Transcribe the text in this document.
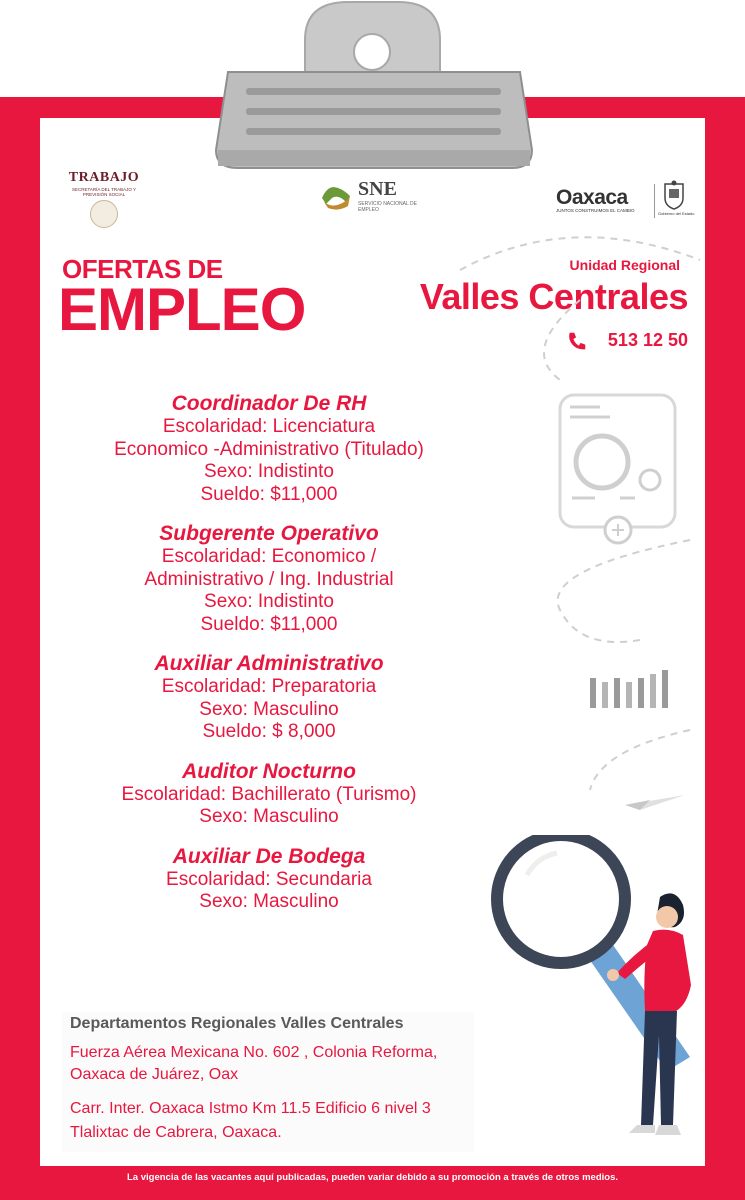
TRABAJO
SECRETARÍA DEL TRABAJO Y PREVISIÓN SOCIAL	SNE
SERVICIO NACIONAL DE EMPLEO
Oaxaca
JUNTOS CONSTRUIMOS EL CAMBIO
Gobierno del Estado
OFERTAS DE
EMPLEO
Unidad Regional
Valles Centrales
513 12 50
Coordinador De RH
Escolaridad: Licenciatura
Economico -Administrativo (Titulado)
Sexo: Indistinto
Sueldo: $11,000
Subgerente Operativo
Escolaridad: Economico /
Administrativo / Ing. Industrial
Sexo: Indistinto
Sueldo: $11,000
Auxiliar Administrativo
Escolaridad: Preparatoria
Sexo: Masculino
Sueldo: $ 8,000
Auditor Nocturno
Escolaridad: Bachillerato (Turismo)
Sexo: Masculino
Auxiliar De Bodega
Escolaridad: Secundaria
Sexo: Masculino
Departamentos Regionales Valles Centrales
Fuerza Aérea Mexicana No. 602 , Colonia Reforma,
Oaxaca de Juárez, Oax
Carr. Inter. Oaxaca Istmo Km 11.5 Edificio 6 nivel 3
Tlalixtac de Cabrera, Oaxaca.
La vigencia de las vacantes aquí publicadas, pueden variar debido a su promoción a través de otros medios.
